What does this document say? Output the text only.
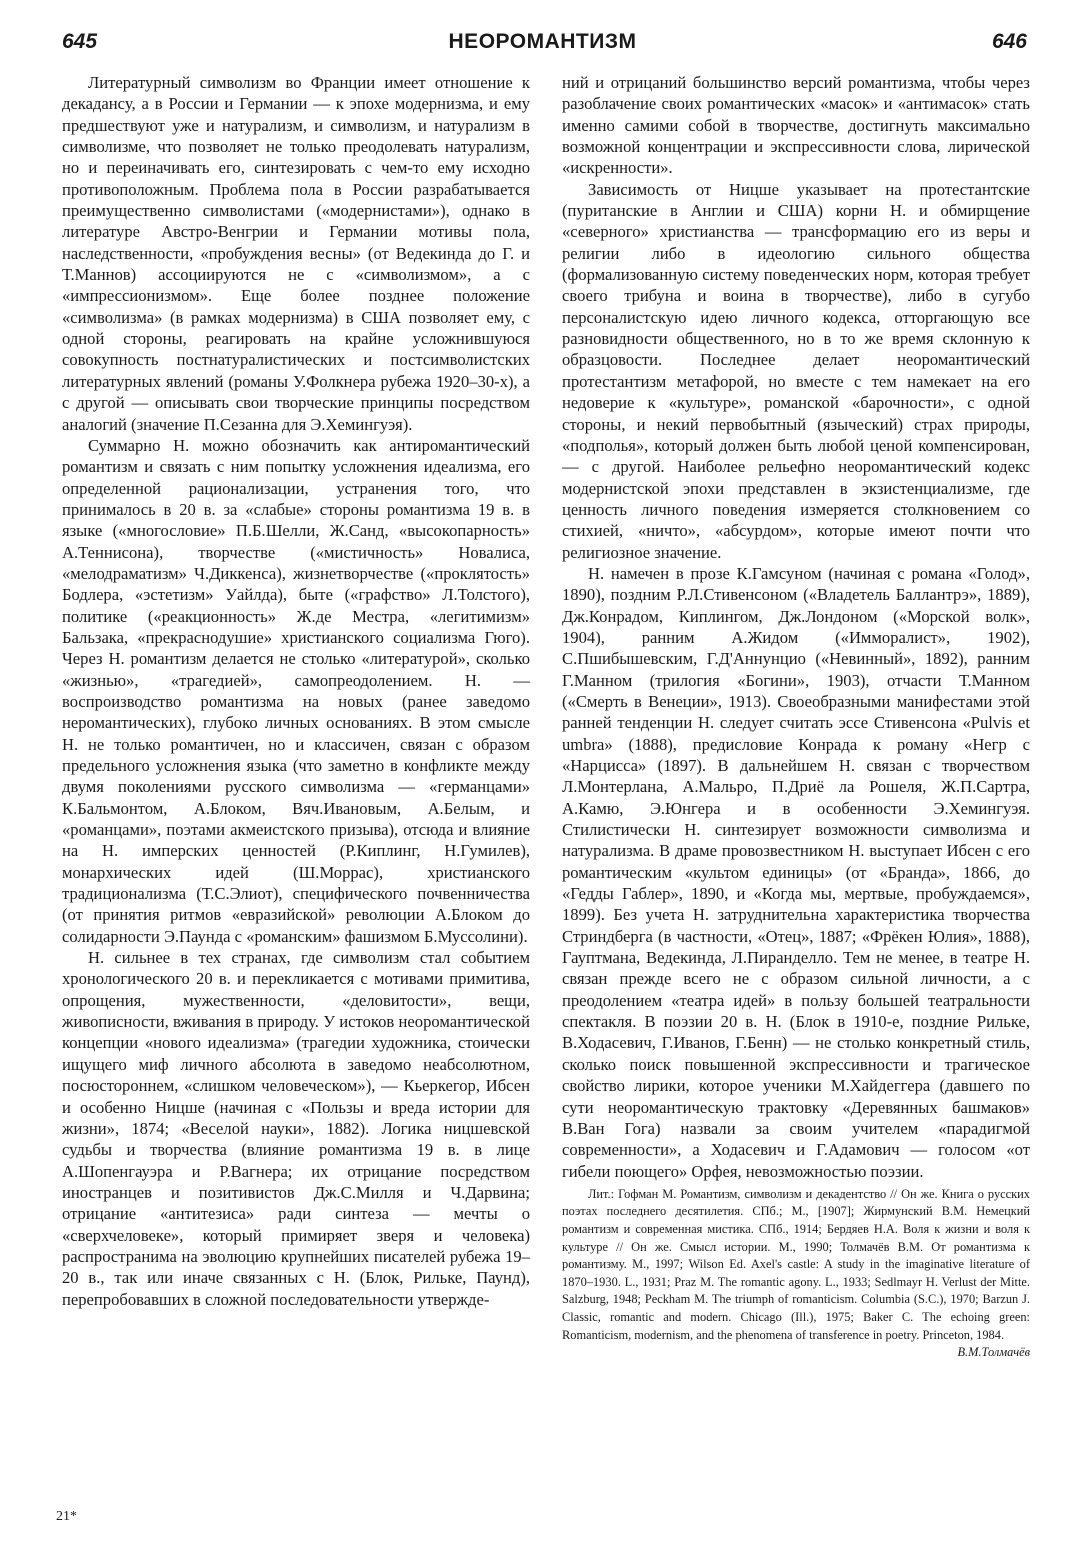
645	НЕОРОМАНТИЗМ	646

Литературный символизм во Франции имеет отношение к декадансу, а в России и Германии — к эпохе модернизма, и ему предшествуют уже и натурализм, и символизм, и натурализм в символизме, что позволяет не только преодолевать натурализм, но и переиначивать его, синтезировать с чем-то ему исходно противоположным. Проблема пола в России разрабатывается преимущественно символистами («модернистами»), однако в литературе Австро-Венгрии и Германии мотивы пола, наследственности, «пробуждения весны» (от Ведекинда до Г. и Т.Маннов) ассоциируются не с «символизмом», а с «импрессионизмом». Еще более позднее положение «символизма» (в рамках модернизма) в США позволяет ему, с одной стороны, реагировать на крайне усложнившуюся совокупность постнатуралистических и постсимволистских литературных явлений (романы У.Фолкнера рубежа 1920–30-х), а с другой — описывать свои творческие принципы посредством аналогий (значение П.Сезанна для Э.Хемингуэя).

Суммарно Н. можно обозначить как антиромантический романтизм и связать с ним попытку усложнения идеализма, его определенной рационализации, устранения того, что принималось в 20 в. за «слабые» стороны романтизма 19 в. в языке («многословие» П.Б.Шелли, Ж.Санд, «высокопарность» А.Теннисона), творчестве («мистичность» Новалиса, «мелодраматизм» Ч.Диккенса), жизнетворчестве («проклятость» Бодлера, «эстетизм» Уайлда), быте («графство» Л.Толстого), политике («реакционность» Ж.де Местра, «легитимизм» Бальзака, «прекраснодушие» христианского социализма Гюго). Через Н. романтизм делается не столько «литературой», сколько «жизнью», «трагедией», самопреодолением. Н. — воспроизводство романтизма на новых (ранее заведомо неромантических), глубоко личных основаниях. В этом смысле Н. не только романтичен, но и классичен, связан с образом предельного усложнения языка (что заметно в конфликте между двумя поколениями русского символизма — «германцами» К.Бальмонтом, А.Блоком, Вяч.Ивановым, А.Белым, и «романцами», поэтами акмеистского призыва), отсюда и влияние на Н. имперских ценностей (Р.Киплинг, Н.Гумилев), монархических идей (Ш.Моррас), христианского традиционализма (Т.С.Элиот), специфического почвенничества (от принятия ритмов «евразийской» революции А.Блоком до солидарности Э.Паунда с «романским» фашизмом Б.Муссолини).

Н. сильнее в тех странах, где символизм стал событием хронологического 20 в. и перекликается с мотивами примитива, опрощения, мужественности, «деловитости», вещи, живописности, вживания в природу. У истоков неоромантической концепции «нового идеализма» (трагедии художника, стоически ищущего миф личного абсолюта в заведомо неабсолютном, посюстороннем, «слишком человеческом»), — Кьеркегор, Ибсен и особенно Ницше (начиная с «Пользы и вреда истории для жизни», 1874; «Веселой науки», 1882). Логика ницшевской судьбы и творчества (влияние романтизма 19 в. в лице А.Шопенгауэра и Р.Вагнера; их отрицание посредством иностранцев и позитивистов Дж.С.Милля и Ч.Дарвина; отрицание «антитезиса» ради синтеза — мечты о «сверхчеловеке», который примиряет зверя и человека) распространима на эволюцию крупнейших писателей рубежа 19–20 в., так или иначе связанных с Н. (Блок, Рильке, Паунд), перепробовавших в сложной последовательности утвержде-

ний и отрицаний большинство версий романтизма, чтобы через разоблачение своих романтических «масок» и «антимасок» стать именно самими собой в творчестве, достигнуть максимально возможной концентрации и экспрессивности слова, лирической «искренности».

Зависимость от Ницше указывает на протестантские (пуританские в Англии и США) корни Н. и обмирщение «северного» христианства — трансформацию его из веры и религии либо в идеологию сильного общества (формализованную систему поведенческих норм, которая требует своего трибуна и воина в творчестве), либо в сугубо персоналистскую идею личного кодекса, отторгающую все разновидности общественного, но в то же время склонную к образцовости. Последнее делает неоромантический протестантизм метафорой, но вместе с тем намекает на его недоверие к «культуре», романской «барочности», с одной стороны, и некий первобытный (языческий) страх природы, «подполья», который должен быть любой ценой компенсирован, — с другой. Наиболее рельефно неоромантический кодекс модернистской эпохи представлен в экзистенциализме, где ценность личного поведения измеряется столкновением со стихией, «ничто», «абсурдом», которые имеют почти что религиозное значение.

Н. намечен в прозе К.Гамсуном (начиная с романа «Голод», 1890), поздним Р.Л.Стивенсоном («Владетель Баллантрэ», 1889), Дж.Конрадом, Киплингом, Дж.Лондоном («Морской волк», 1904), ранним А.Жидом («Имморалист», 1902), С.Пшибышевским, Г.Д'Аннунцио («Невинный», 1892), ранним Г.Манном (трилогия «Богини», 1903), отчасти Т.Манном («Смерть в Венеции», 1913). Своеобразными манифестами этой ранней тенденции Н. следует считать эссе Стивенсона «Pulvis et umbra» (1888), предисловие Конрада к роману «Негр с «Нарцисса» (1897). В дальнейшем Н. связан с творчеством Л.Монтерлана, А.Мальро, П.Дриё ла Рошеля, Ж.П.Сартра, А.Камю, Э.Юнгера и в особенности Э.Хемингуэя. Стилистически Н. синтезирует возможности символизма и натурализма. В драме провозвестником Н. выступает Ибсен с его романтическим «культом единицы» (от «Бранда», 1866, до «Гедды Габлер», 1890, и «Когда мы, мертвые, пробуждаемся», 1899). Без учета Н. затруднительна характеристика творчества Стриндберга (в частности, «Отец», 1887; «Фрёкен Юлия», 1888), Гауптмана, Ведекинда, Л.Пиранделло. Тем не менее, в театре Н. связан прежде всего не с образом сильной личности, а с преодолением «театра идей» в пользу большей театральности спектакля. В поэзии 20 в. Н. (Блок в 1910-е, поздние Рильке, В.Ходасевич, Г.Иванов, Г.Бенн) — не столько конкретный стиль, сколько поиск повышенной экспрессивности и трагическое свойство лирики, которое ученики М.Хайдеггера (давшего по сути неоромантическую трактовку «Деревянных башмаков» В.Ван Гога) назвали за своим учителем «парадигмой современности», а Ходасевич и Г.Адамович — голосом «от гибели поющего» Орфея, невозможностью поэзии.

Лит.: Гофман М. Романтизм, символизм и декадентство // Он же. Книга о русских поэтах последнего десятилетия. СПб.; М., [1907]; Жирмунский В.М. Немецкий романтизм и современная мистика. СПб., 1914; Бердяев Н.А. Воля к жизни и воля к культуре // Он же. Смысл истории. М., 1990; Толмачёв В.М. От романтизма к романтизму. М., 1997; Wilson Ed. Axel's castle: A study in the imaginative literature of 1870–1930. L., 1931; Praz M. The romantic agony. L., 1933; Sedlmayr H. Verlust der Mitte. Salzburg, 1948; Peckham M. The triumph of romanticism. Columbia (S.C.), 1970; Barzun J. Classic, romantic and modern. Chicago (Ill.), 1975; Baker C. The echoing green: Romanticism, modernism, and the phenomena of transference in poetry. Princeton, 1984.
В.М.Толмачёв
21*
